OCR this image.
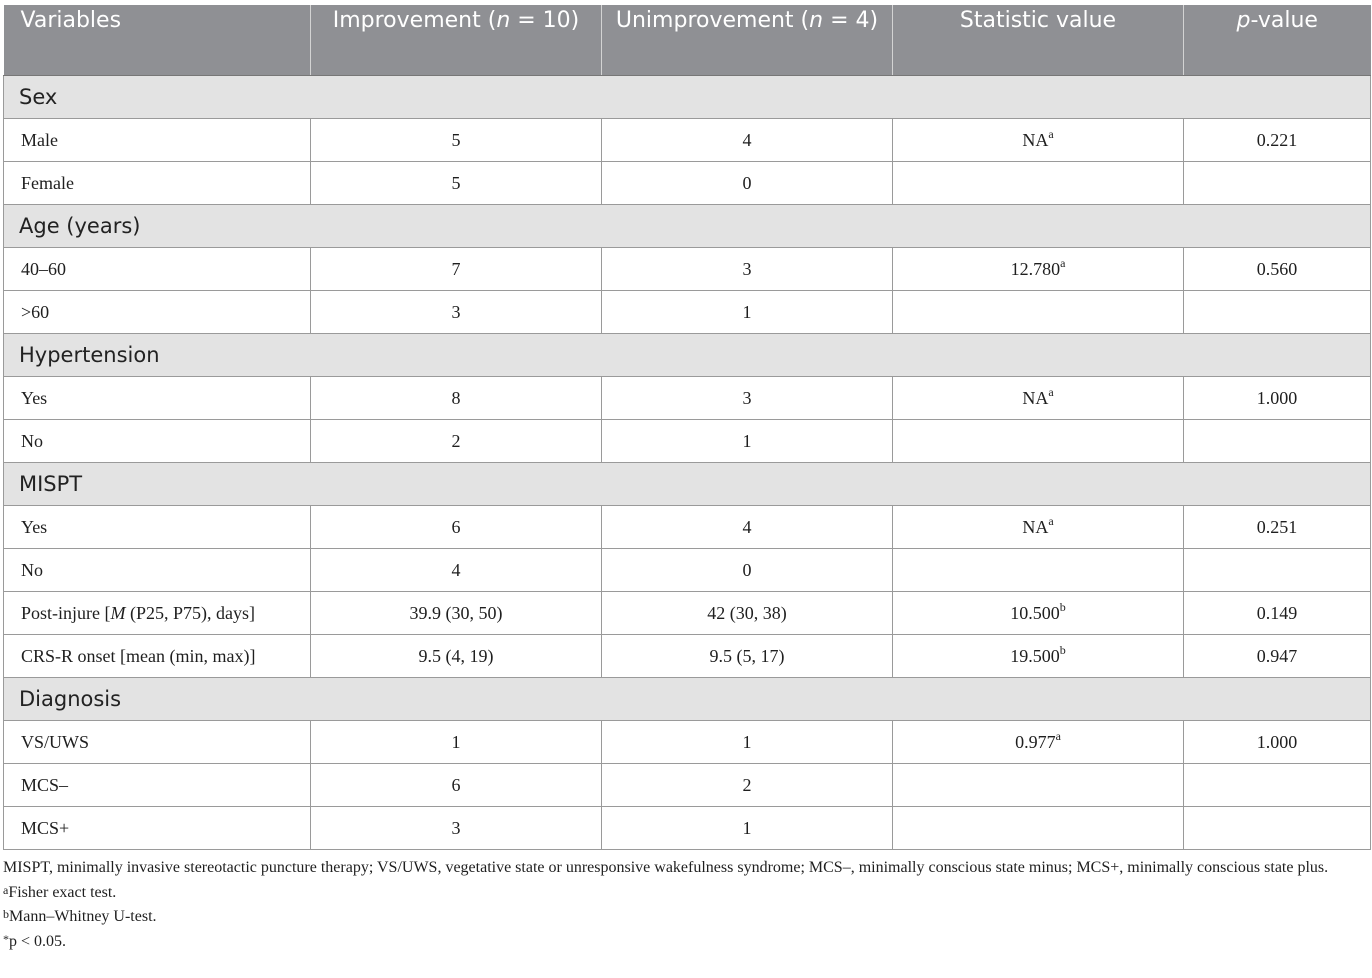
Variables	Improvement (n = 10)	Unimprovement (n = 4)	Statistic value	p-value
Sex				
Male	5	4	$NA^a$	0.221
Female	5	0		
Age (years)				
40–60	7	3	12.780$^a$	0.560
>60	3	1		
Hypertension				
Yes	8	3	$NA^a$	1.000
No	2	1		
MISPT				
Yes	6	4	$NA^a$	0.251
No	4	0		
Post-injure [M (P25, P75), days]	39.9 (30, 50)	42 (30, 38)	10.500$^b$	0.149
CRS-R onset [mean (min, max)]	9.5 (4, 19)	9.5 (5, 17)	19.500$^b$	0.947
Diagnosis				
VS/UWS	1	1	0.977$^a$	1.000
MCS–	6	2		
MCS+	3	1		

MISPT, minimally invasive stereotactic puncture therapy; VS/UWS, vegetative state or unresponsive wakefulness syndrome; MCS–, minimally conscious state minus; MCS+, minimally conscious state plus.

$^a$Fisher exact test.

$^b$Mann–Whitney U-test.

*p < 0.05.
